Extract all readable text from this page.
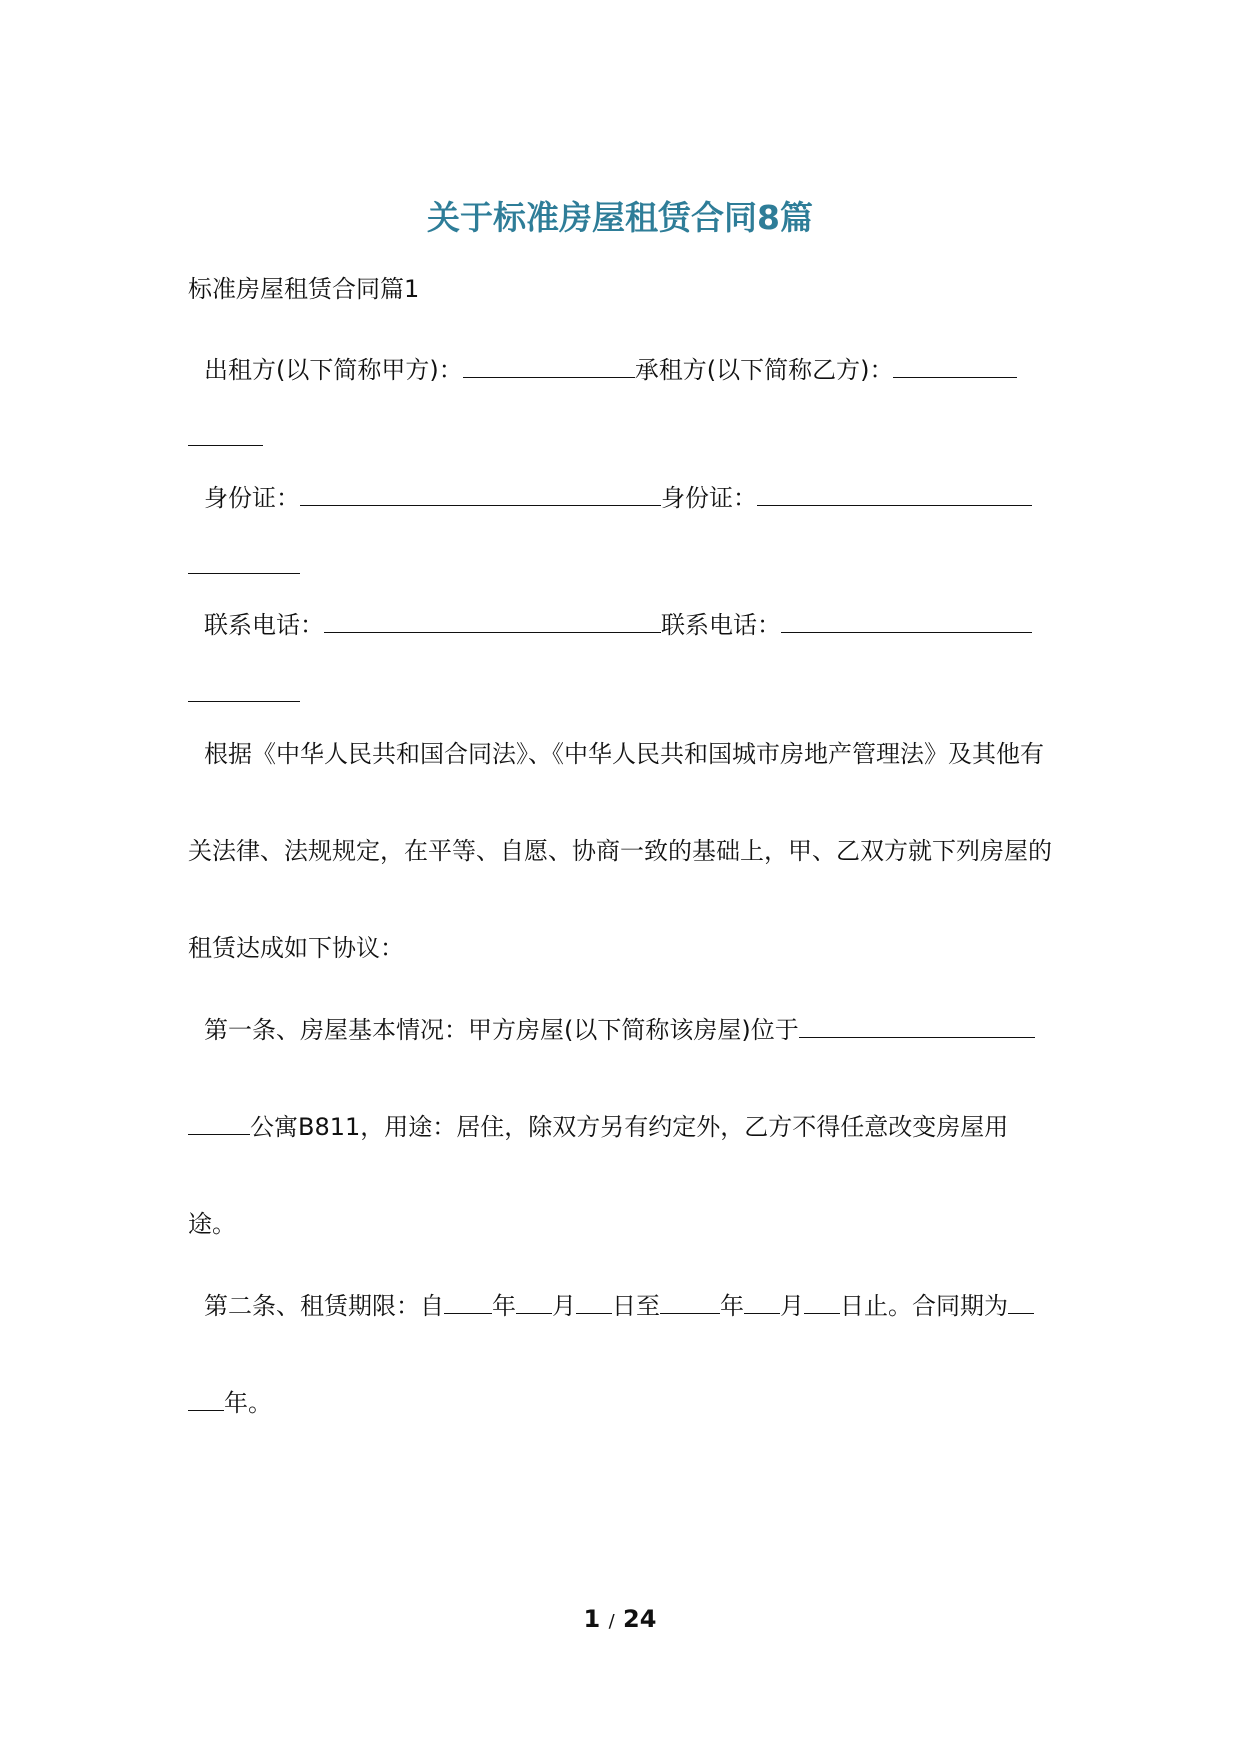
关于标准房屋租赁合同8篇
标准房屋租赁合同篇1
出租方(以下简称甲方)：	承租方(以下简称乙方)：
身份证：	身份证：
联系电话：	联系电话：
根据《中华人民共和国合同法》、《中华人民共和国城市房地产管理法》及其他有
关法律、法规规定，在平等、自愿、协商一致的基础上，甲、乙双方就下列房屋的
租赁达成如下协议：
第一条、房屋基本情况：甲方房屋(以下简称该房屋)位于
公寓B811，用途：居住，除双方另有约定外，乙方不得任意改变房屋用
途。
第二条、租赁期限：自 年 月 日至	年 月 日止。合同期为
年。
1 / 24
